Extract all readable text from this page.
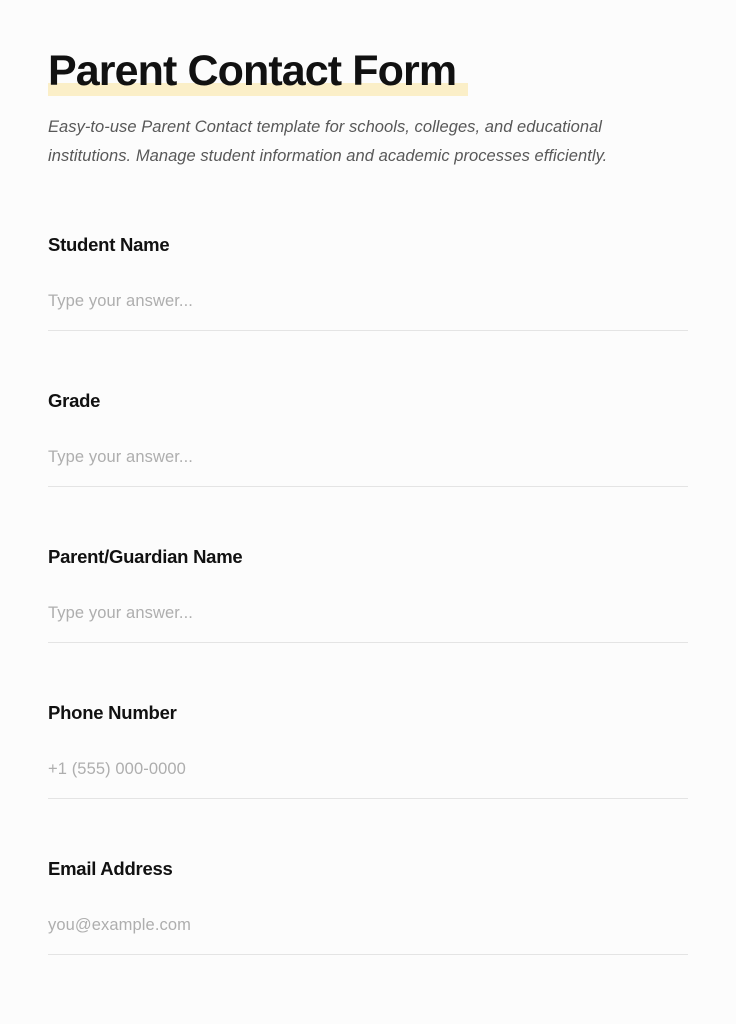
Parent Contact Form

Easy-to-use Parent Contact template for schools, colleges, and educational institutions. Manage student information and academic processes efficiently.

Student Name
Type your answer...
Grade
Type your answer...
Parent/Guardian Name
Type your answer...
Phone Number
+1 (555) 000-0000
Email Address
you@example.com
